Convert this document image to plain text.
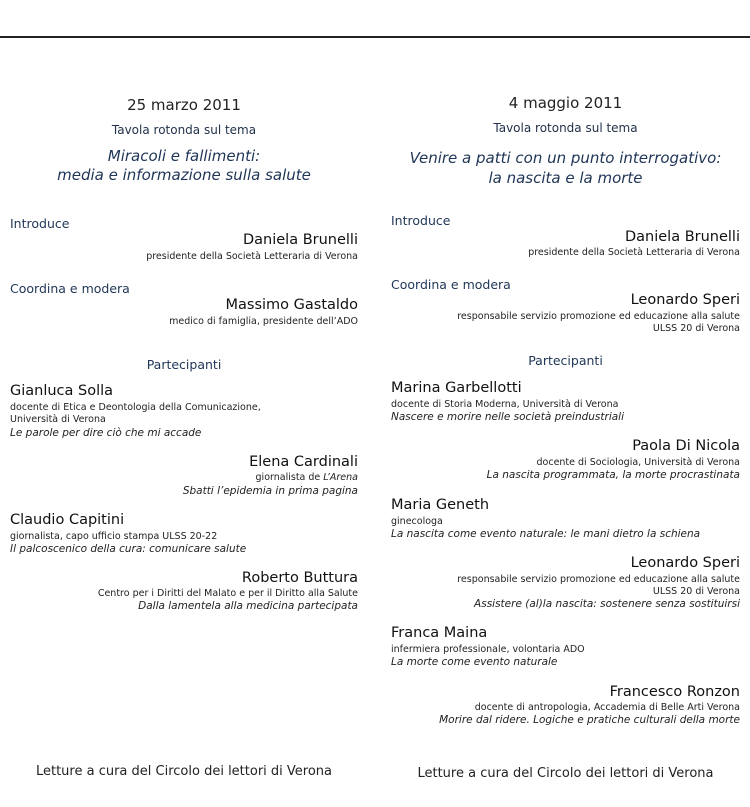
25 marzo 2011
Tavola rotonda sul tema
Miracoli e fallimenti:
media e informazione sulla salute
Introduce
Daniela Brunelli
presidente della Società Letteraria di Verona
Coordina e modera
Massimo Gastaldo
medico di famiglia, presidente dell’ADO
Partecipanti
Gianluca Solla
docente di Etica e Deontologia della Comunicazione,
Università di Verona
Le parole per dire ciò che mi accade
Elena Cardinali
giornalista de L’Arena
Sbatti l’epidemia in prima pagina
Claudio Capitini
giornalista, capo ufficio stampa ULSS 20-22
Il palcoscenico della cura: comunicare salute
Roberto Buttura
Centro per i Diritti del Malato e per il Diritto alla Salute
Dalla lamentela alla medicina partecipata
Letture a cura del Circolo dei lettori di Verona
4 maggio 2011
Tavola rotonda sul tema
Venire a patti con un punto interrogativo:
la nascita e la morte
Introduce
Daniela Brunelli
presidente della Società Letteraria di Verona
Coordina e modera
Leonardo Speri
responsabile servizio promozione ed educazione alla salute
ULSS 20 di Verona
Partecipanti
Marina Garbellotti
docente di Storia Moderna, Università di Verona
Nascere e morire nelle società preindustriali
Paola Di Nicola
docente di Sociologia, Università di Verona
La nascita programmata, la morte procrastinata
Maria Geneth
ginecologa
La nascita come evento naturale: le mani dietro la schiena
Leonardo Speri
responsabile servizio promozione ed educazione alla salute
ULSS 20 di Verona
Assistere (al)la nascita: sostenere senza sostituirsi
Franca Maina
infermiera professionale, volontaria ADO
La morte come evento naturale
Francesco Ronzon
docente di antropologia, Accademia di Belle Arti Verona
Morire dal ridere. Logiche e pratiche culturali della morte
Letture a cura del Circolo dei lettori di Verona
